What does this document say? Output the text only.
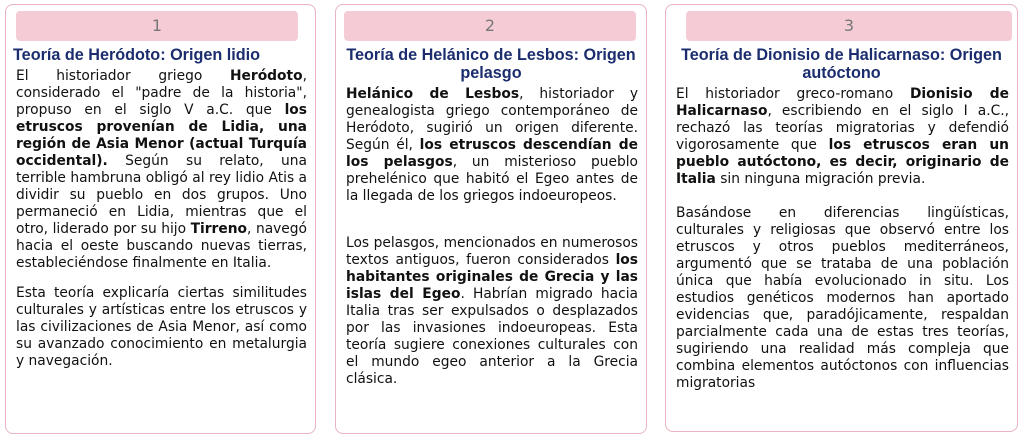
1
Teoría de Heródoto: Origen lidio

El historiador griego Heródoto, considerado el "padre de la historia", propuso en el siglo V a.C. que los etruscos provenían de Lidia, una región de Asia Menor (actual Turquía occidental). Según su relato, una terrible hambruna obligó al rey lidio Atis a dividir su pueblo en dos grupos. Uno permaneció en Lidia, mientras que el otro, liderado por su hijo Tirreno, navegó hacia el oeste buscando nuevas tierras, estableciéndose finalmente en Italia.

Esta teoría explicaría ciertas similitudes culturales y artísticas entre los etruscos y las civilizaciones de Asia Menor, así como su avanzado conocimiento en metalurgia y navegación.

2
Teoría de Helánico de Lesbos: Origen pelasgo

Helánico de Lesbos, historiador y genealogista griego contemporáneo de Heródoto, sugirió un origen diferente. Según él, los etruscos descendían de los pelasgos, un misterioso pueblo prehelénico que habitó el Egeo antes de la llegada de los griegos indoeuropeos.

Los pelasgos, mencionados en numerosos textos antiguos, fueron considerados los habitantes originales de Grecia y las islas del Egeo. Habrían migrado hacia Italia tras ser expulsados o desplazados por las invasiones indoeuropeas. Esta teoría sugiere conexiones culturales con el mundo egeo anterior a la Grecia clásica.

3
Teoría de Dionisio de Halicarnaso: Origen autóctono

El historiador greco-romano Dionisio de Halicarnaso, escribiendo en el siglo I a.C., rechazó las teorías migratorias y defendió vigorosamente que los etruscos eran un pueblo autóctono, es decir, originario de Italia sin ninguna migración previa.

Basándose en diferencias lingüísticas, culturales y religiosas que observó entre los etruscos y otros pueblos mediterráneos, argumentó que se trataba de una población única que había evolucionado in situ. Los estudios genéticos modernos han aportado evidencias que, paradójicamente, respaldan parcialmente cada una de estas tres teorías, sugiriendo una realidad más compleja que combina elementos autóctonos con influencias migratorias
